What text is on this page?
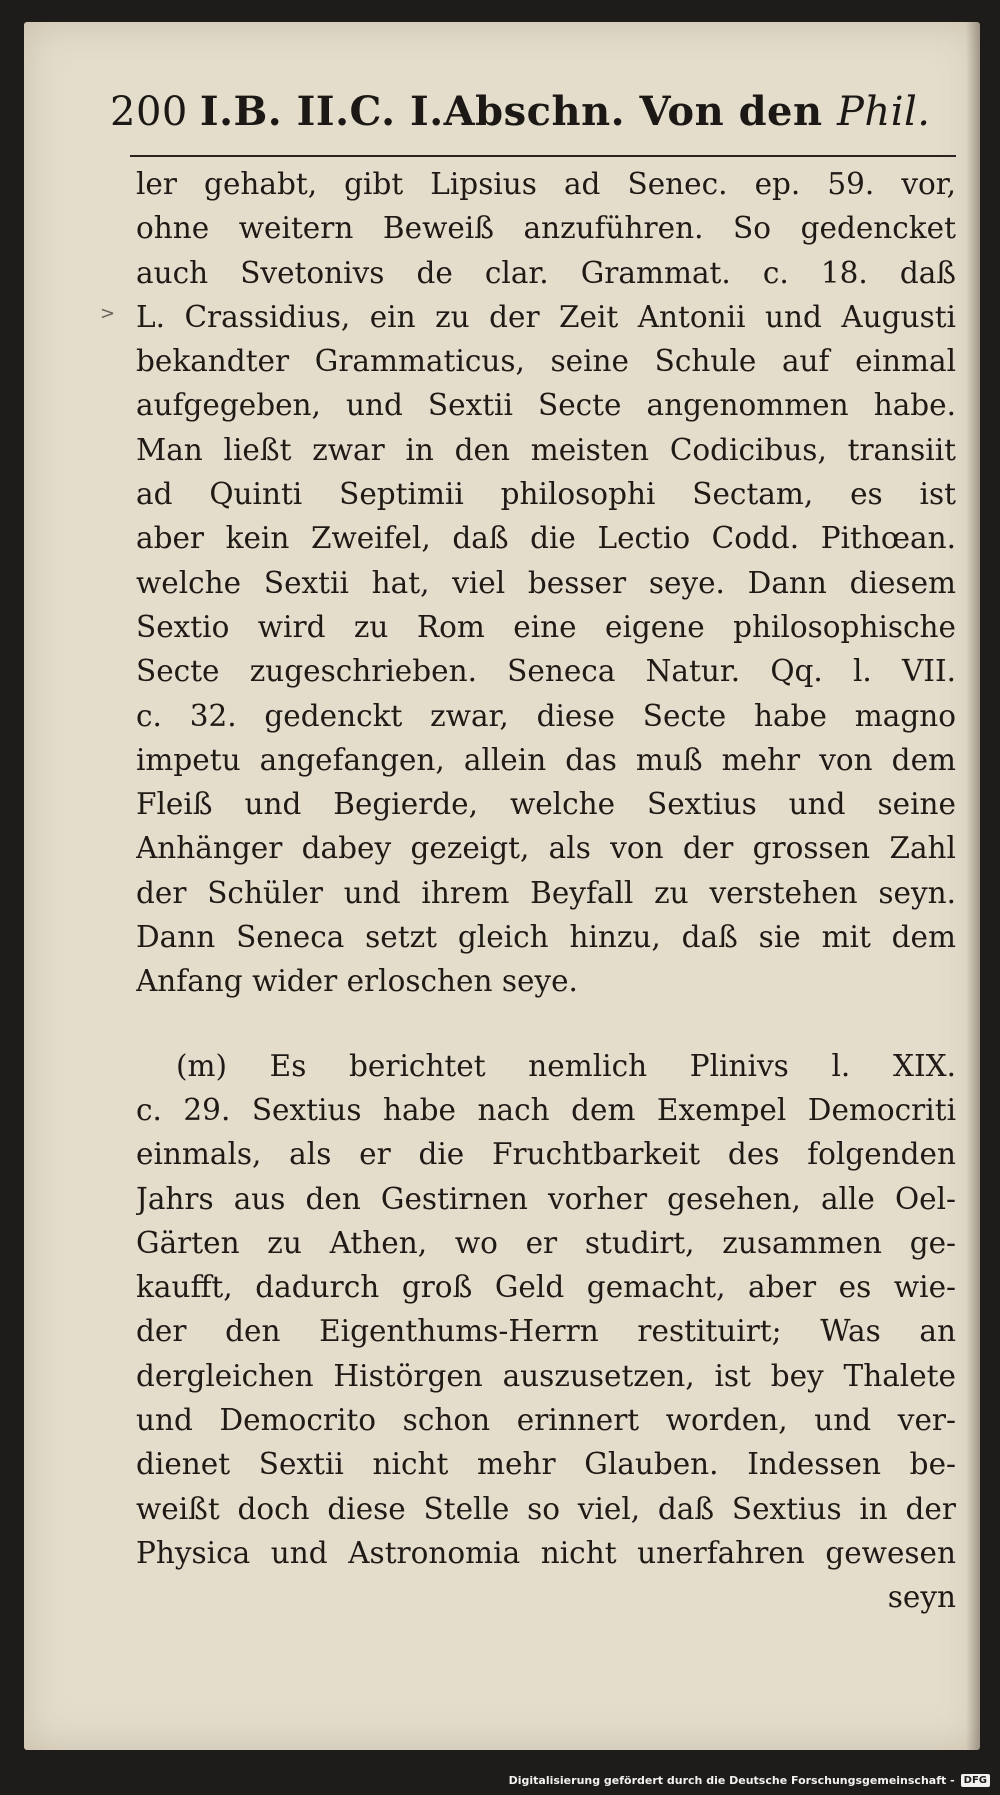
200 I.B. II.C. I.Abschn. Von den Phil.
>
ler gehabt, gibt Lipsius ad Senec. ep. 59. vor,
ohne weitern Beweiß anzuführen. So gedencket
auch Svetonivs de clar. Grammat. c. 18. daß
L. Crassidius, ein zu der Zeit Antonii und Augusti
bekandter Grammaticus, seine Schule auf einmal
aufgegeben, und Sextii Secte angenommen habe.
Man ließt zwar in den meisten Codicibus, transiit
ad Quinti Septimii philosophi Sectam, es ist
aber kein Zweifel, daß die Lectio Codd. Pithœan.
welche Sextii hat, viel besser seye. Dann diesem
Sextio wird zu Rom eine eigene philosophische
Secte zugeschrieben. Seneca Natur. Qq. l. VII.
c. 32. gedenckt zwar, diese Secte habe magno
impetu angefangen, allein das muß mehr von dem
Fleiß und Begierde, welche Sextius und seine
Anhänger dabey gezeigt, als von der grossen Zahl
der Schüler und ihrem Beyfall zu verstehen seyn.
Dann Seneca setzt gleich hinzu, daß sie mit dem
Anfang wider erloschen seye.
(m) Es berichtet nemlich Plinivs l. XIX.
c. 29. Sextius habe nach dem Exempel Democriti
einmals, als er die Fruchtbarkeit des folgenden
Jahrs aus den Gestirnen vorher gesehen, alle Oel-
Gärten zu Athen, wo er studirt, zusammen ge-
kaufft, dadurch groß Geld gemacht, aber es wie-
der den Eigenthums-Herrn restituirt; Was an
dergleichen Histörgen auszusetzen, ist bey Thalete
und Democrito schon erinnert worden, und ver-
dienet Sextii nicht mehr Glauben. Indessen be-
weißt doch diese Stelle so viel, daß Sextius in der
Physica und Astronomia nicht unerfahren gewesen
seyn
Digitalisierung gefördert durch die Deutsche Forschungsgemeinschaft - DFG
